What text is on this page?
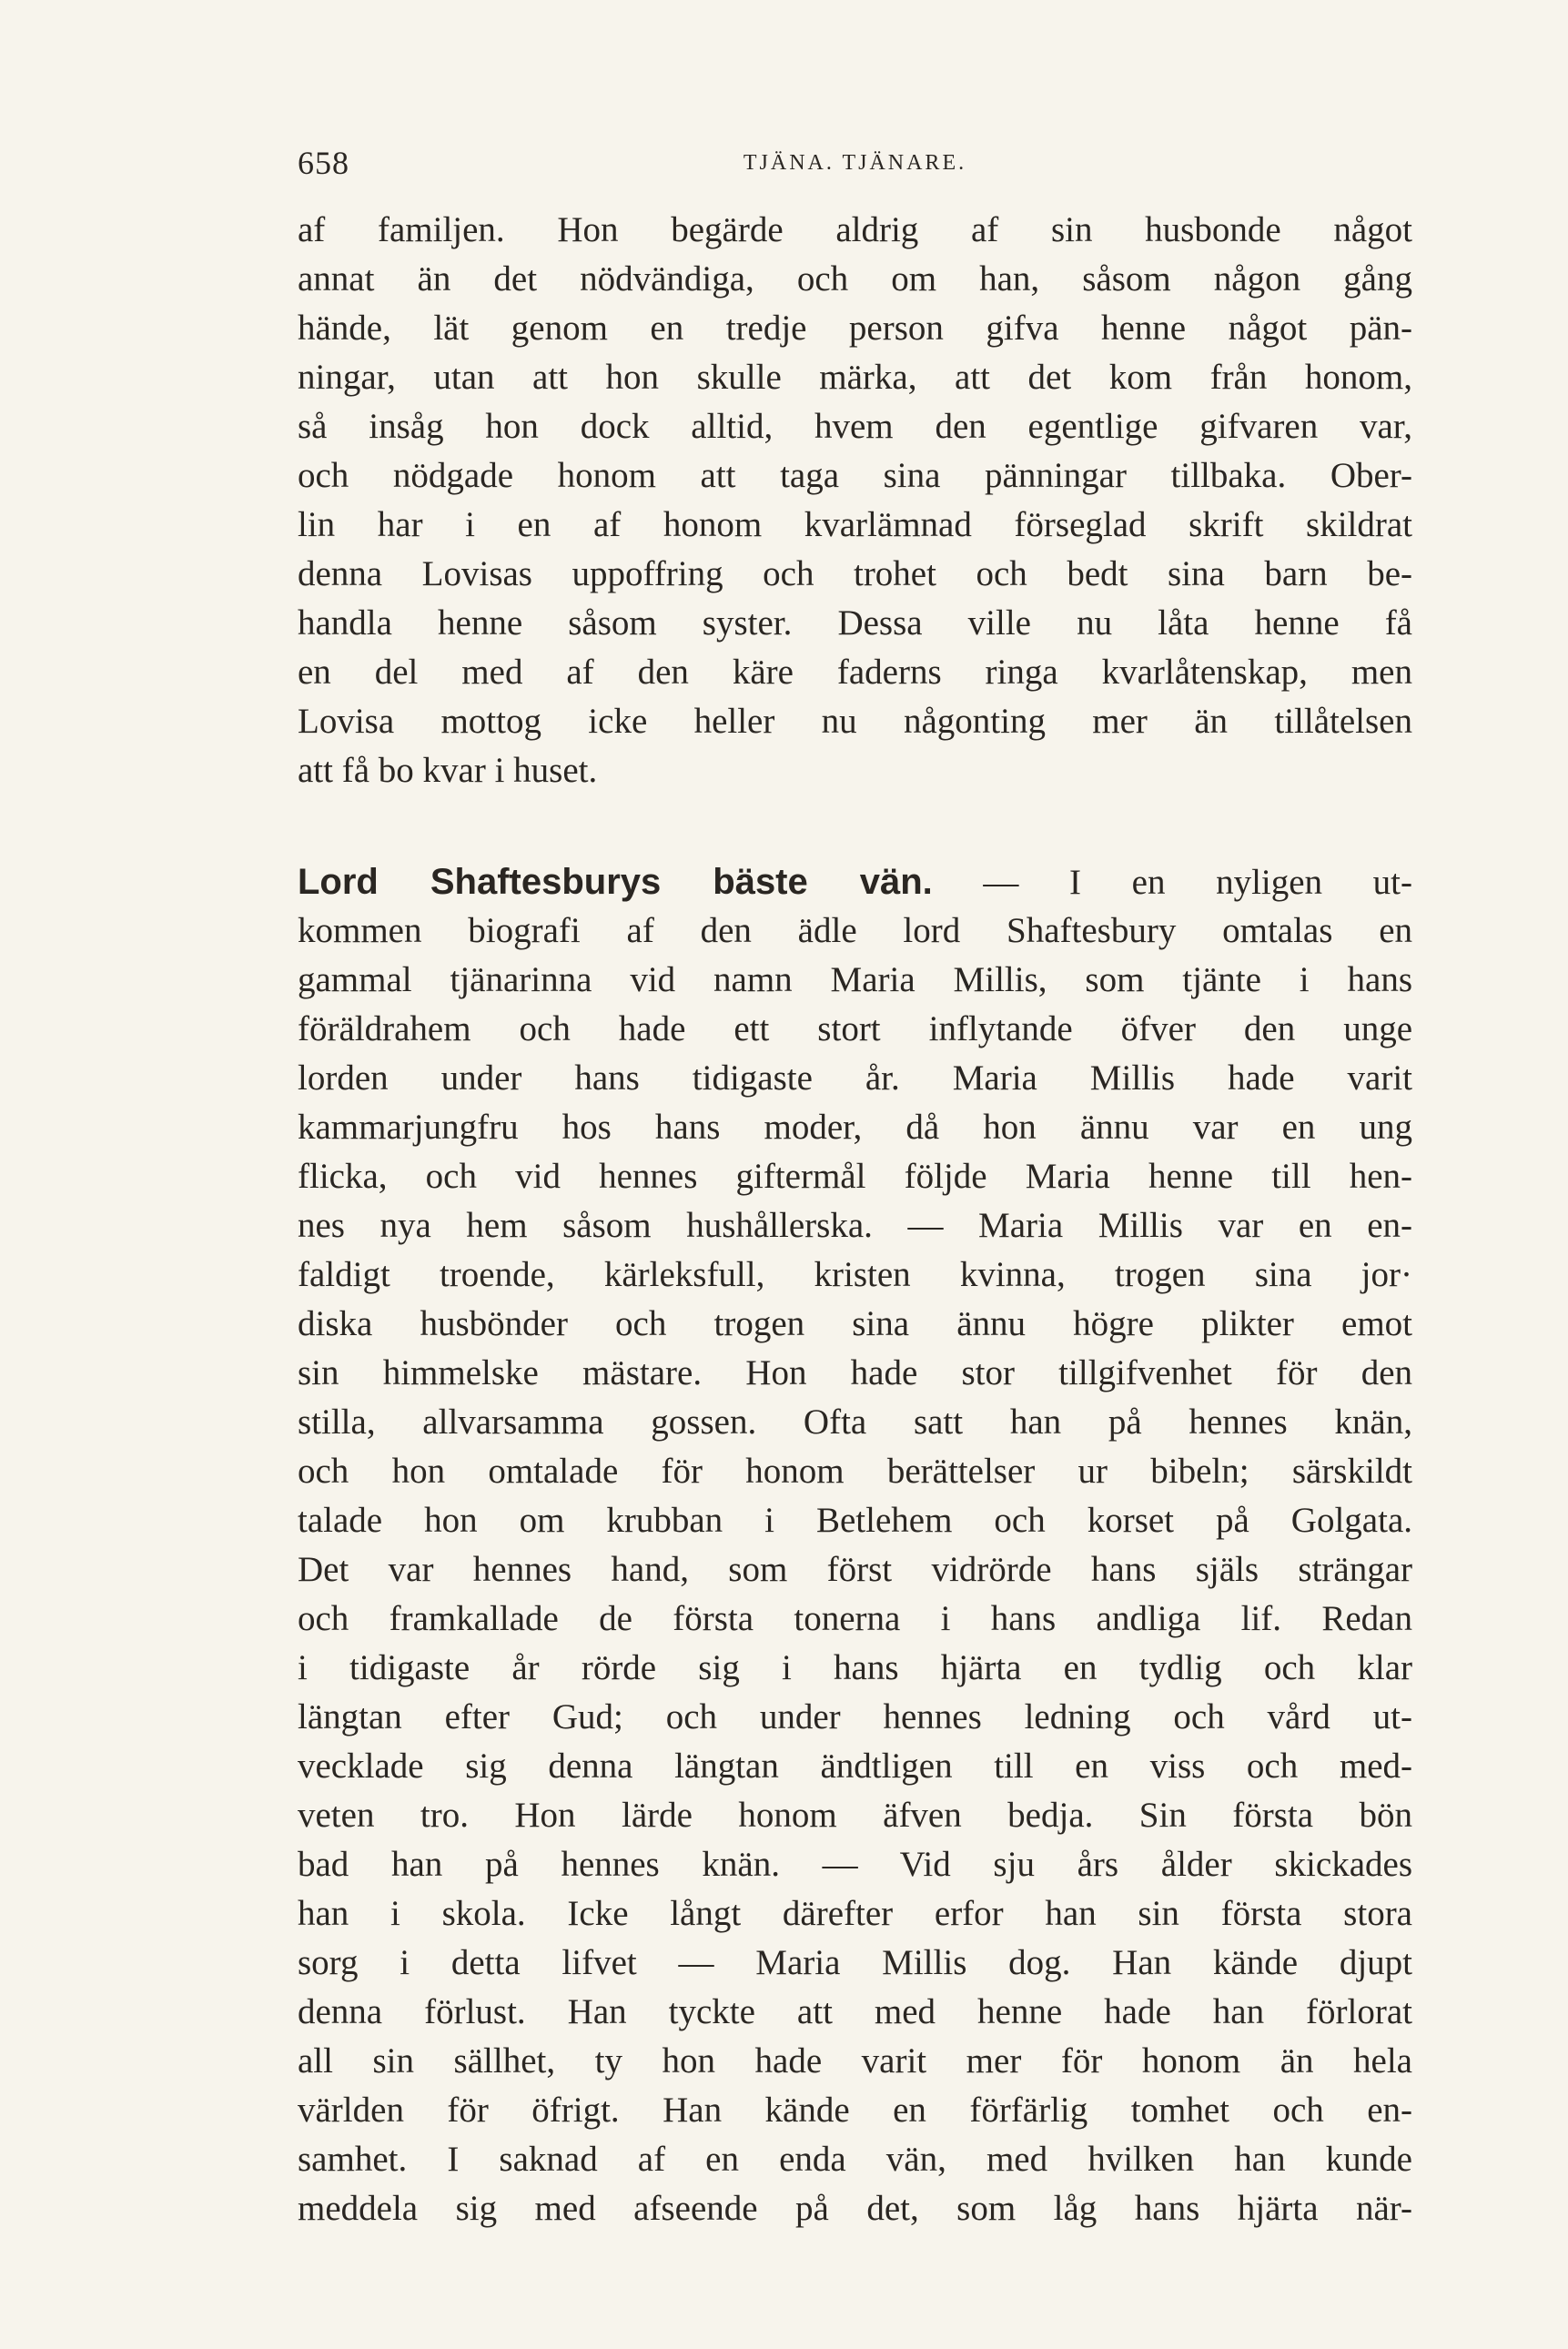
658	TJÄNA. TJÄNARE.
af familjen. Hon begärde aldrig af sin husbonde något
annat än det nödvändiga, och om han, såsom någon gång
hände, lät genom en tredje person gifva henne något pän-
ningar, utan att hon skulle märka, att det kom från honom,
så insåg hon dock alltid, hvem den egentlige gifvaren var,
och nödgade honom att taga sina pänningar tillbaka. Ober-
lin har i en af honom kvarlämnad förseglad skrift skildrat
denna Lovisas uppoffring och trohet och bedt sina barn be-
handla henne såsom syster. Dessa ville nu låta henne få
en del med af den käre faderns ringa kvarlåtenskap, men
Lovisa mottog icke heller nu någonting mer än tillåtelsen
att få bo kvar i huset.
Lord Shaftesburys bäste vän. — I en nyligen ut-
kommen biografi af den ädle lord Shaftesbury omtalas en
gammal tjänarinna vid namn Maria Millis, som tjänte i hans
föräldrahem och hade ett stort inflytande öfver den unge
lorden under hans tidigaste år. Maria Millis hade varit
kammarjungfru hos hans moder, då hon ännu var en ung
flicka, och vid hennes giftermål följde Maria henne till hen-
nes nya hem såsom hushållerska. — Maria Millis var en en-
faldigt troende, kärleksfull, kristen kvinna, trogen sina jor·
diska husbönder och trogen sina ännu högre plikter emot
sin himmelske mästare. Hon hade stor tillgifvenhet för den
stilla, allvarsamma gossen. Ofta satt han på hennes knän,
och hon omtalade för honom berättelser ur bibeln; särskildt
talade hon om krubban i Betlehem och korset på Golgata.
Det var hennes hand, som först vidrörde hans själs strängar
och framkallade de första tonerna i hans andliga lif. Redan
i tidigaste år rörde sig i hans hjärta en tydlig och klar
längtan efter Gud; och under hennes ledning och vård ut-
vecklade sig denna längtan ändtligen till en viss och med-
veten tro. Hon lärde honom äfven bedja. Sin första bön
bad han på hennes knän. — Vid sju års ålder skickades
han i skola. Icke långt därefter erfor han sin första stora
sorg i detta lifvet — Maria Millis dog. Han kände djupt
denna förlust. Han tyckte att med henne hade han förlorat
all sin sällhet, ty hon hade varit mer för honom än hela
världen för öfrigt. Han kände en förfärlig tomhet och en-
samhet. I saknad af en enda vän, med hvilken han kunde
meddela sig med afseende på det, som låg hans hjärta när-
